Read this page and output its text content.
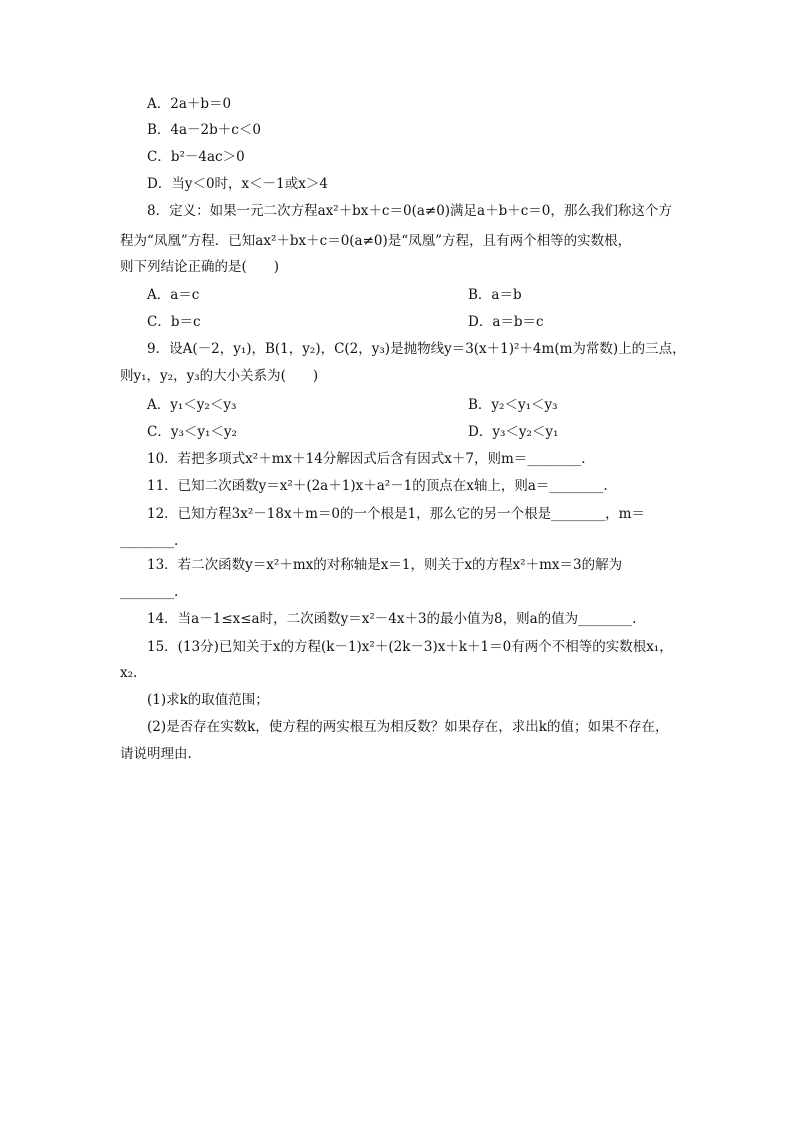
A．2a＋b＝0
B．4a－2b＋c＜0
C．b²－4ac＞0
D．当y＜0时，x＜－1或x＞4
8．定义：如果一元二次方程ax²＋bx＋c＝0(a≠0)满足a＋b＋c＝0，那么我们称这个方
程为“凤凰”方程．已知ax²＋bx＋c＝0(a≠0)是“凤凰”方程，且有两个相等的实数根，
则下列结论正确的是(　　)
A．a＝c	B．a＝b
C．b＝c	D．a＝b＝c
9．设A(－2，y₁)，B(1，y₂)，C(2，y₃)是抛物线y＝3(x＋1)²＋4m(m为常数)上的三点，
则y₁，y₂，y₃的大小关系为(　　)
A．y₁＜y₂＜y₃	B．y₂＜y₁＜y₃
C．y₃＜y₁＜y₂	D．y₃＜y₂＜y₁
10．若把多项式x²＋mx＋14分解因式后含有因式x＋7，则m＝________.
11．已知二次函数y＝x²＋(2a＋1)x＋a²－1的顶点在x轴上，则a＝________.
12．已知方程3x²－18x＋m＝0的一个根是1，那么它的另一个根是________，m＝
________.
13．若二次函数y＝x²＋mx的对称轴是x＝1，则关于x的方程x²＋mx＝3的解为
________.
14．当a－1≤x≤a时，二次函数y＝x²－4x＋3的最小值为8，则a的值为________.
15．(13分)已知关于x的方程(k－1)x²＋(2k－3)x＋k＋1＝0有两个不相等的实数根x₁，
x₂.
(1)求k的取值范围；
(2)是否存在实数k，使方程的两实根互为相反数？如果存在，求出k的值；如果不存在，
请说明理由.
